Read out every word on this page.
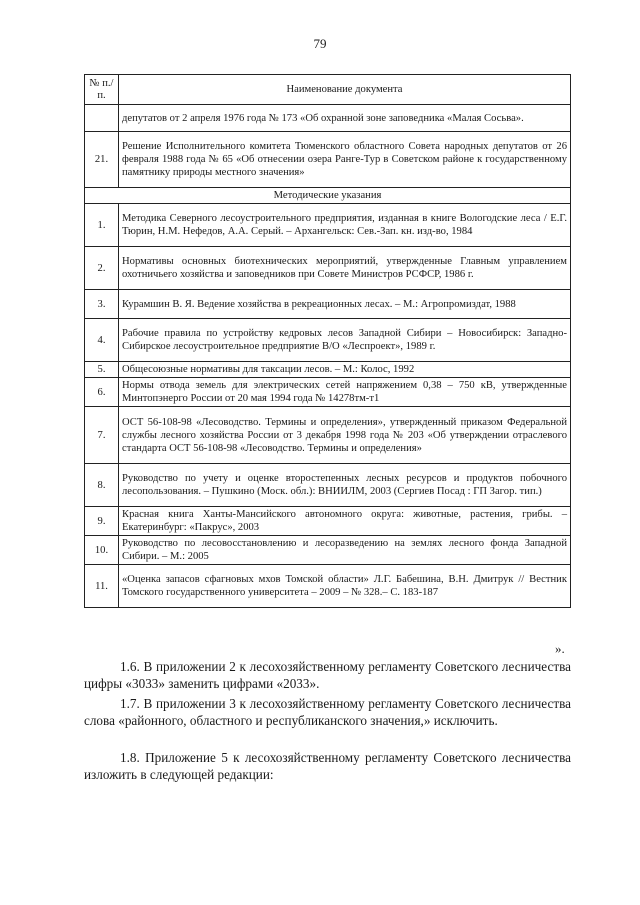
79
№ п./п.	Наименование документа
	депутатов от 2 апреля 1976 года № 173 «Об охранной зоне заповедника «Малая Сосьва».
21.	Решение Исполнительного комитета Тюменского областного Совета народных депутатов от 26 февраля 1988 года № 65 «Об отнесении озера Ранге-Тур в Советском районе к государственному памятнику природы местного значения»
Методические указания	
1.	Методика Северного лесоустроительного предприятия, изданная в книге Вологодские леса / Е.Г. Тюрин, Н.М. Нефедов, А.А. Серый. – Архангельск: Сев.-Зап. кн. изд-во, 1984
2.	Нормативы основных биотехнических мероприятий, утвержденные Главным управлением охотничьего хозяйства и заповедников при Совете Министров РСФСР, 1986 г.
3.	Курамшин В. Я. Ведение хозяйства в рекреационных лесах. – М.: Агропромиздат, 1988
4.	Рабочие правила по устройству кедровых лесов Западной Сибири – Новосибирск: Западно-Сибирское лесоустроительное предприятие В/О «Леспроект», 1989 г.
5.	Общесоюзные нормативы для таксации лесов. – М.: Колос, 1992
6.	Нормы отвода земель для электрических сетей напряжением 0,38 – 750 кВ, утвержденные Минтопэнерго России от 20 мая 1994 года № 14278тм-т1
7.	ОСТ 56-108-98 «Лесоводство. Термины и определения», утвержденный приказом Федеральной службы лесного хозяйства России от 3 декабря 1998 года № 203 «Об утверждении отраслевого стандарта ОСТ 56-108-98 «Лесоводство. Термины и определения»
8.	Руководство по учету и оценке второстепенных лесных ресурсов и продуктов побочного лесопользования. – Пушкино (Моск. обл.): ВНИИЛМ, 2003 (Сергиев Посад : ГП Загор. тип.)
9.	Красная книга Ханты-Мансийского автономного округа: животные, растения, грибы. – Екатеринбург: «Пакрус», 2003
10.	Руководство по лесовосстановлению и лесоразведению на землях лесного фонда Западной Сибири. – М.: 2005
11.	«Оценка запасов сфагновых мхов Томской области» Л.Г. Бабешина, В.Н. Дмитрук // Вестник Томского государственного университета – 2009 – № 328.– С. 183-187
».

1.6. В приложении 2 к лесохозяйственному регламенту Советского лесничества цифры «3033» заменить цифрами «2033».

1.7. В приложении 3 к лесохозяйственному регламенту Советского лесничества слова «районного, областного и республиканского значения,» исключить.

1.8. Приложение 5 к лесохозяйственному регламенту Советского лесничества изложить в следующей редакции:
